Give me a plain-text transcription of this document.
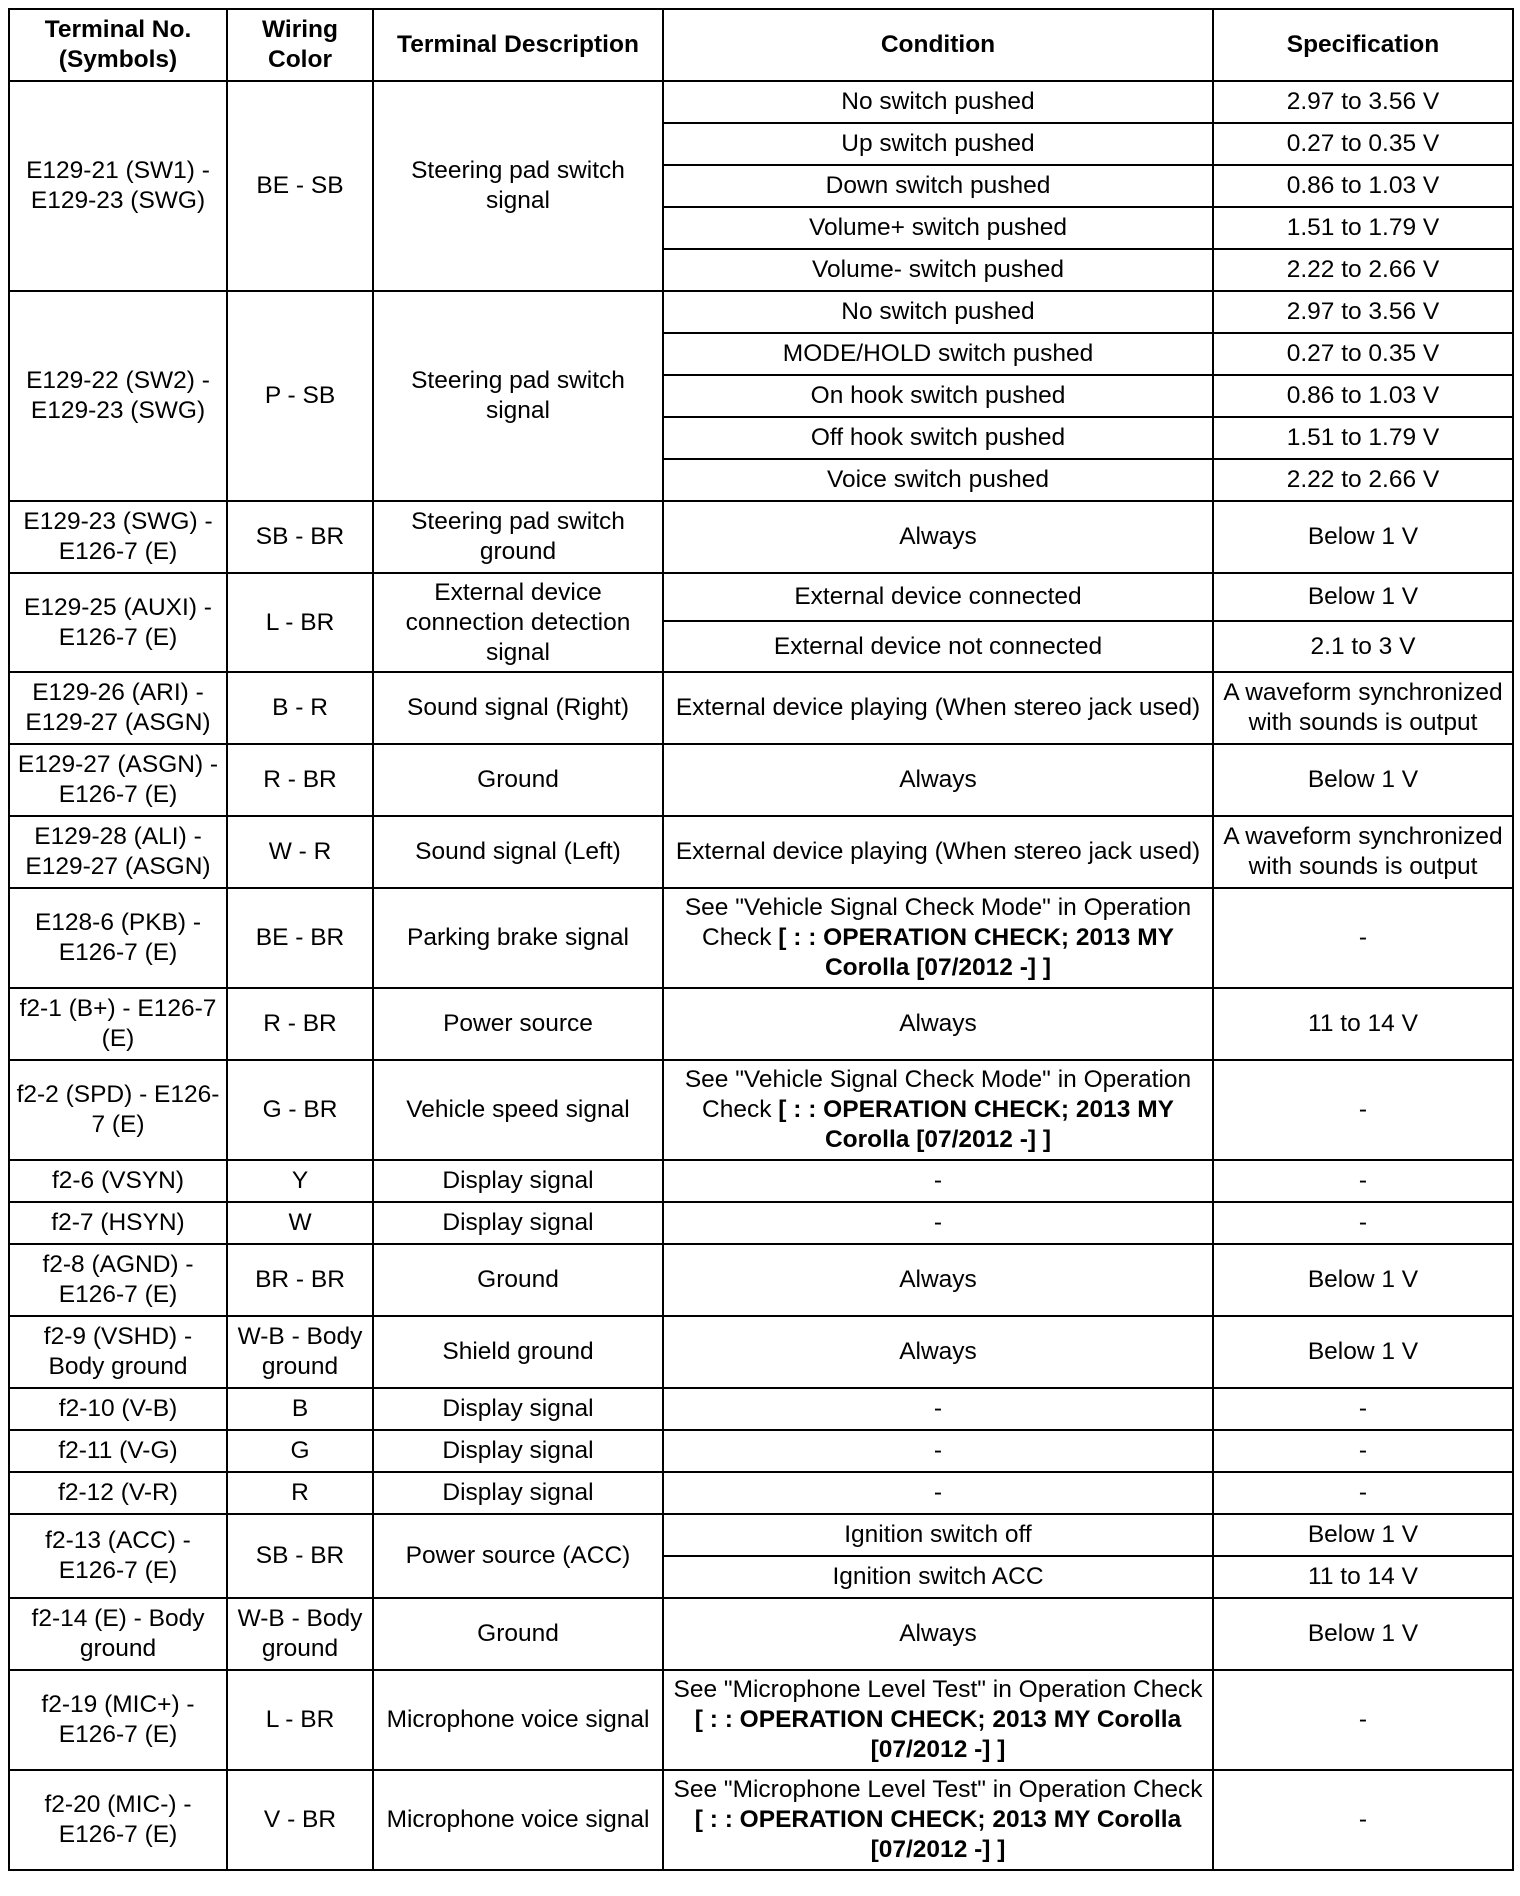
Terminal No. (Symbols)	Wiring Color	Terminal Description	Condition	Specification
E129-21 (SW1) - E129-23 (SWG)	BE - SB	Steering pad switch signal	No switch pushed	2.97 to 3.56 V
			Up switch pushed	0.27 to 0.35 V
			Down switch pushed	0.86 to 1.03 V
			Volume+ switch pushed	1.51 to 1.79 V
			Volume- switch pushed	2.22 to 2.66 V
E129-22 (SW2) - E129-23 (SWG)	P - SB	Steering pad switch signal	No switch pushed	2.97 to 3.56 V
			MODE/HOLD switch pushed	0.27 to 0.35 V
			On hook switch pushed	0.86 to 1.03 V
			Off hook switch pushed	1.51 to 1.79 V
			Voice switch pushed	2.22 to 2.66 V
E129-23 (SWG) - E126-7 (E)	SB - BR	Steering pad switch ground	Always	Below 1 V
E129-25 (AUXI) - E126-7 (E)	L - BR	External device connection detection signal	External device connected	Below 1 V
			External device not connected	2.1 to 3 V
E129-26 (ARI) - E129-27 (ASGN)	B - R	Sound signal (Right)	External device playing (When stereo jack used)	A waveform synchronized with sounds is output
E129-27 (ASGN) - E126-7 (E)	R - BR	Ground	Always	Below 1 V
E129-28 (ALI) - E129-27 (ASGN)	W - R	Sound signal (Left)	External device playing (When stereo jack used)	A waveform synchronized with sounds is output
E128-6 (PKB) - E126-7 (E)	BE - BR	Parking brake signal	See "Vehicle Signal Check Mode" in Operation Check [ : : OPERATION CHECK; 2013 MY Corolla [07/2012 -] ]	-
f2-1 (B+) - E126-7 (E)	R - BR	Power source	Always	11 to 14 V
f2-2 (SPD) - E126-7 (E)	G - BR	Vehicle speed signal	See "Vehicle Signal Check Mode" in Operation Check [ : : OPERATION CHECK; 2013 MY Corolla [07/2012 -] ]	-
f2-6 (VSYN)	Y	Display signal	-	-
f2-7 (HSYN)	W	Display signal	-	-
f2-8 (AGND) - E126-7 (E)	BR - BR	Ground	Always	Below 1 V
f2-9 (VSHD) - Body ground	W-B - Body ground	Shield ground	Always	Below 1 V
f2-10 (V-B)	B	Display signal	-	-
f2-11 (V-G)	G	Display signal	-	-
f2-12 (V-R)	R	Display signal	-	-
f2-13 (ACC) - E126-7 (E)	SB - BR	Power source (ACC)	Ignition switch off	Below 1 V
			Ignition switch ACC	11 to 14 V
f2-14 (E) - Body ground	W-B - Body ground	Ground	Always	Below 1 V
f2-19 (MIC+) - E126-7 (E)	L - BR	Microphone voice signal	See "Microphone Level Test" in Operation Check [ : : OPERATION CHECK; 2013 MY Corolla [07/2012 -] ]	-
f2-20 (MIC-) - E126-7 (E)	V - BR	Microphone voice signal	See "Microphone Level Test" in Operation Check [ : : OPERATION CHECK; 2013 MY Corolla [07/2012 -] ]	-
